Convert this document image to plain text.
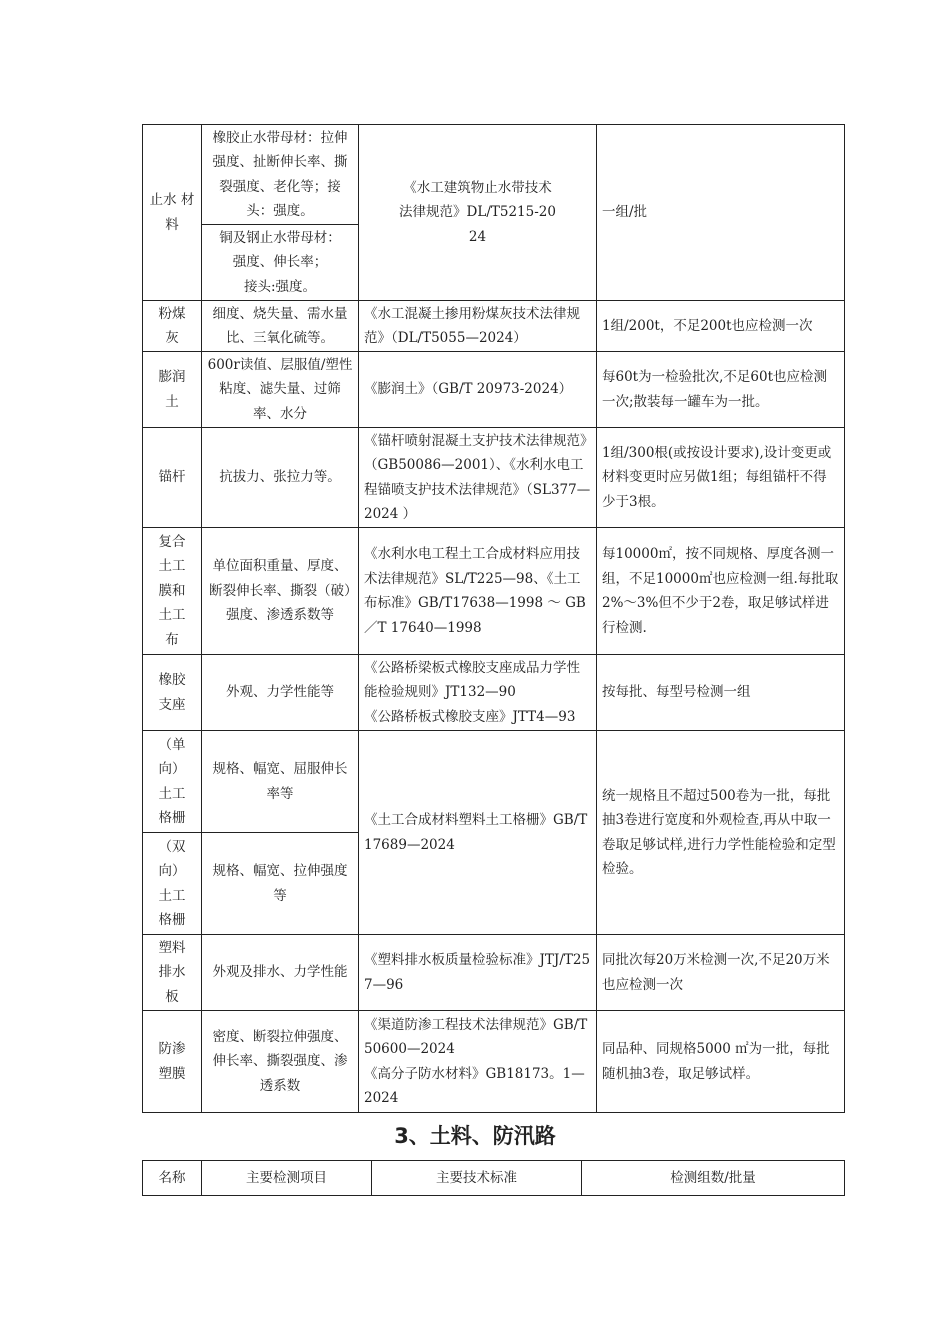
止水 材料	橡胶止水带母材：拉伸强度、扯断伸长率、撕裂强度、老化等；接头：强度。	《水工建筑物止水带技术法律规范》DL/T5215-2024	一组/批
	铜及钢止水带母材：
强度、伸长率；
接头:强度。		
粉煤
灰	细度、烧失量、需水量比、三氧化硫等。	《水工混凝土掺用粉煤灰技术法律规范》（DL/T5055—2024）	1组/200t，不足200t也应检测一次
膨润
土	600r读值、层服值/塑性粘度、滤失量、过筛率、水分	《膨润土》（GB/T 20973-2024）	每60t为一检验批次,不足60t也应检测一次;散装每一罐车为一批。
锚杆	抗拔力、张拉力等。	《锚杆喷射混凝土支护技术法律规范》（GB50086—2001）、《水利水电工程锚喷支护技术法律规范》（SL377—2024 ）	1组/300根(或按设计要求),设计变更或材料变更时应另做1组；每组锚杆不得少于3根。
复合
土工
膜和
土工
布	单位面积重量、厚度、断裂伸长率、撕裂（破）强度、渗透系数等	《水利水电工程土工合成材料应用技术法律规范》SL/T225—98、《土工布标准》GB/T17638—1998 ～ GB／T 17640—1998	每10000㎡，按不同规格、厚度各测一组，不足10000㎡也应检测一组.每批取2%～3%但不少于2卷，取足够试样进行检测.
橡胶
支座	外观、力学性能等	《公路桥梁板式橡胶支座成品力学性能检验规则》JT132—90
《公路桥板式橡胶支座》JTT4—93	按每批、每型号检测一组
（单
向）
土工
格栅	规格、幅宽、屈服伸长率等	《土工合成材料塑料土工格栅》GB/T17689—2024	统一规格且不超过500卷为一批，每批抽3卷进行宽度和外观检查,再从中取一卷取足够试样,进行力学性能检验和定型检验。
（双
向）
土工
格栅	规格、幅宽、拉伸强度等		
塑料
排水
板	外观及排水、力学性能	《塑料排水板质量检验标准》JTJ/T257—96	同批次每20万米检测一次,不足20万米也应检测一次
防渗
塑膜	密度、断裂拉伸强度、伸长率、撕裂强度、渗透系数	《渠道防渗工程技术法律规范》GB/T50600—2024
《高分子防水材料》GB18173。1—2024	同品种、同规格5000 ㎡为一批，每批随机抽3卷，取足够试样。
3、土料、防汛路
名称	主要检测项目	主要技术标准	检测组数/批量
